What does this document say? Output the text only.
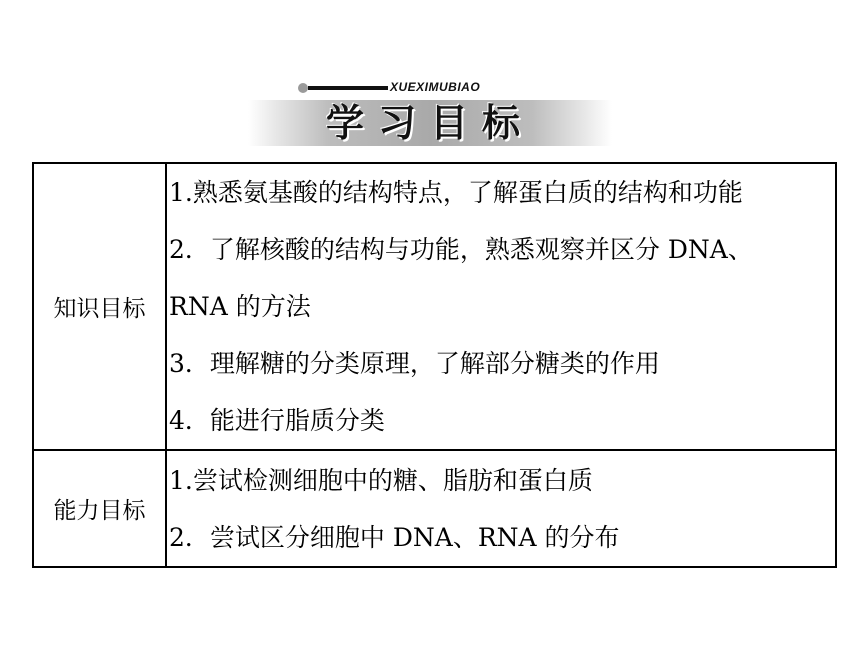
XUEXIMUBIAO
学习目标
知识目标	1.熟悉氨基酸的结构特点，了解蛋白质的结构和功能
2．了解核酸的结构与功能，熟悉观察并区分 DNA、
RNA 的方法
3．理解糖的分类原理，了解部分糖类的作用
4．能进行脂质分类

能力目标	1.尝试检测细胞中的糖、脂肪和蛋白质
2．尝试区分细胞中 DNA、RNA 的分布
